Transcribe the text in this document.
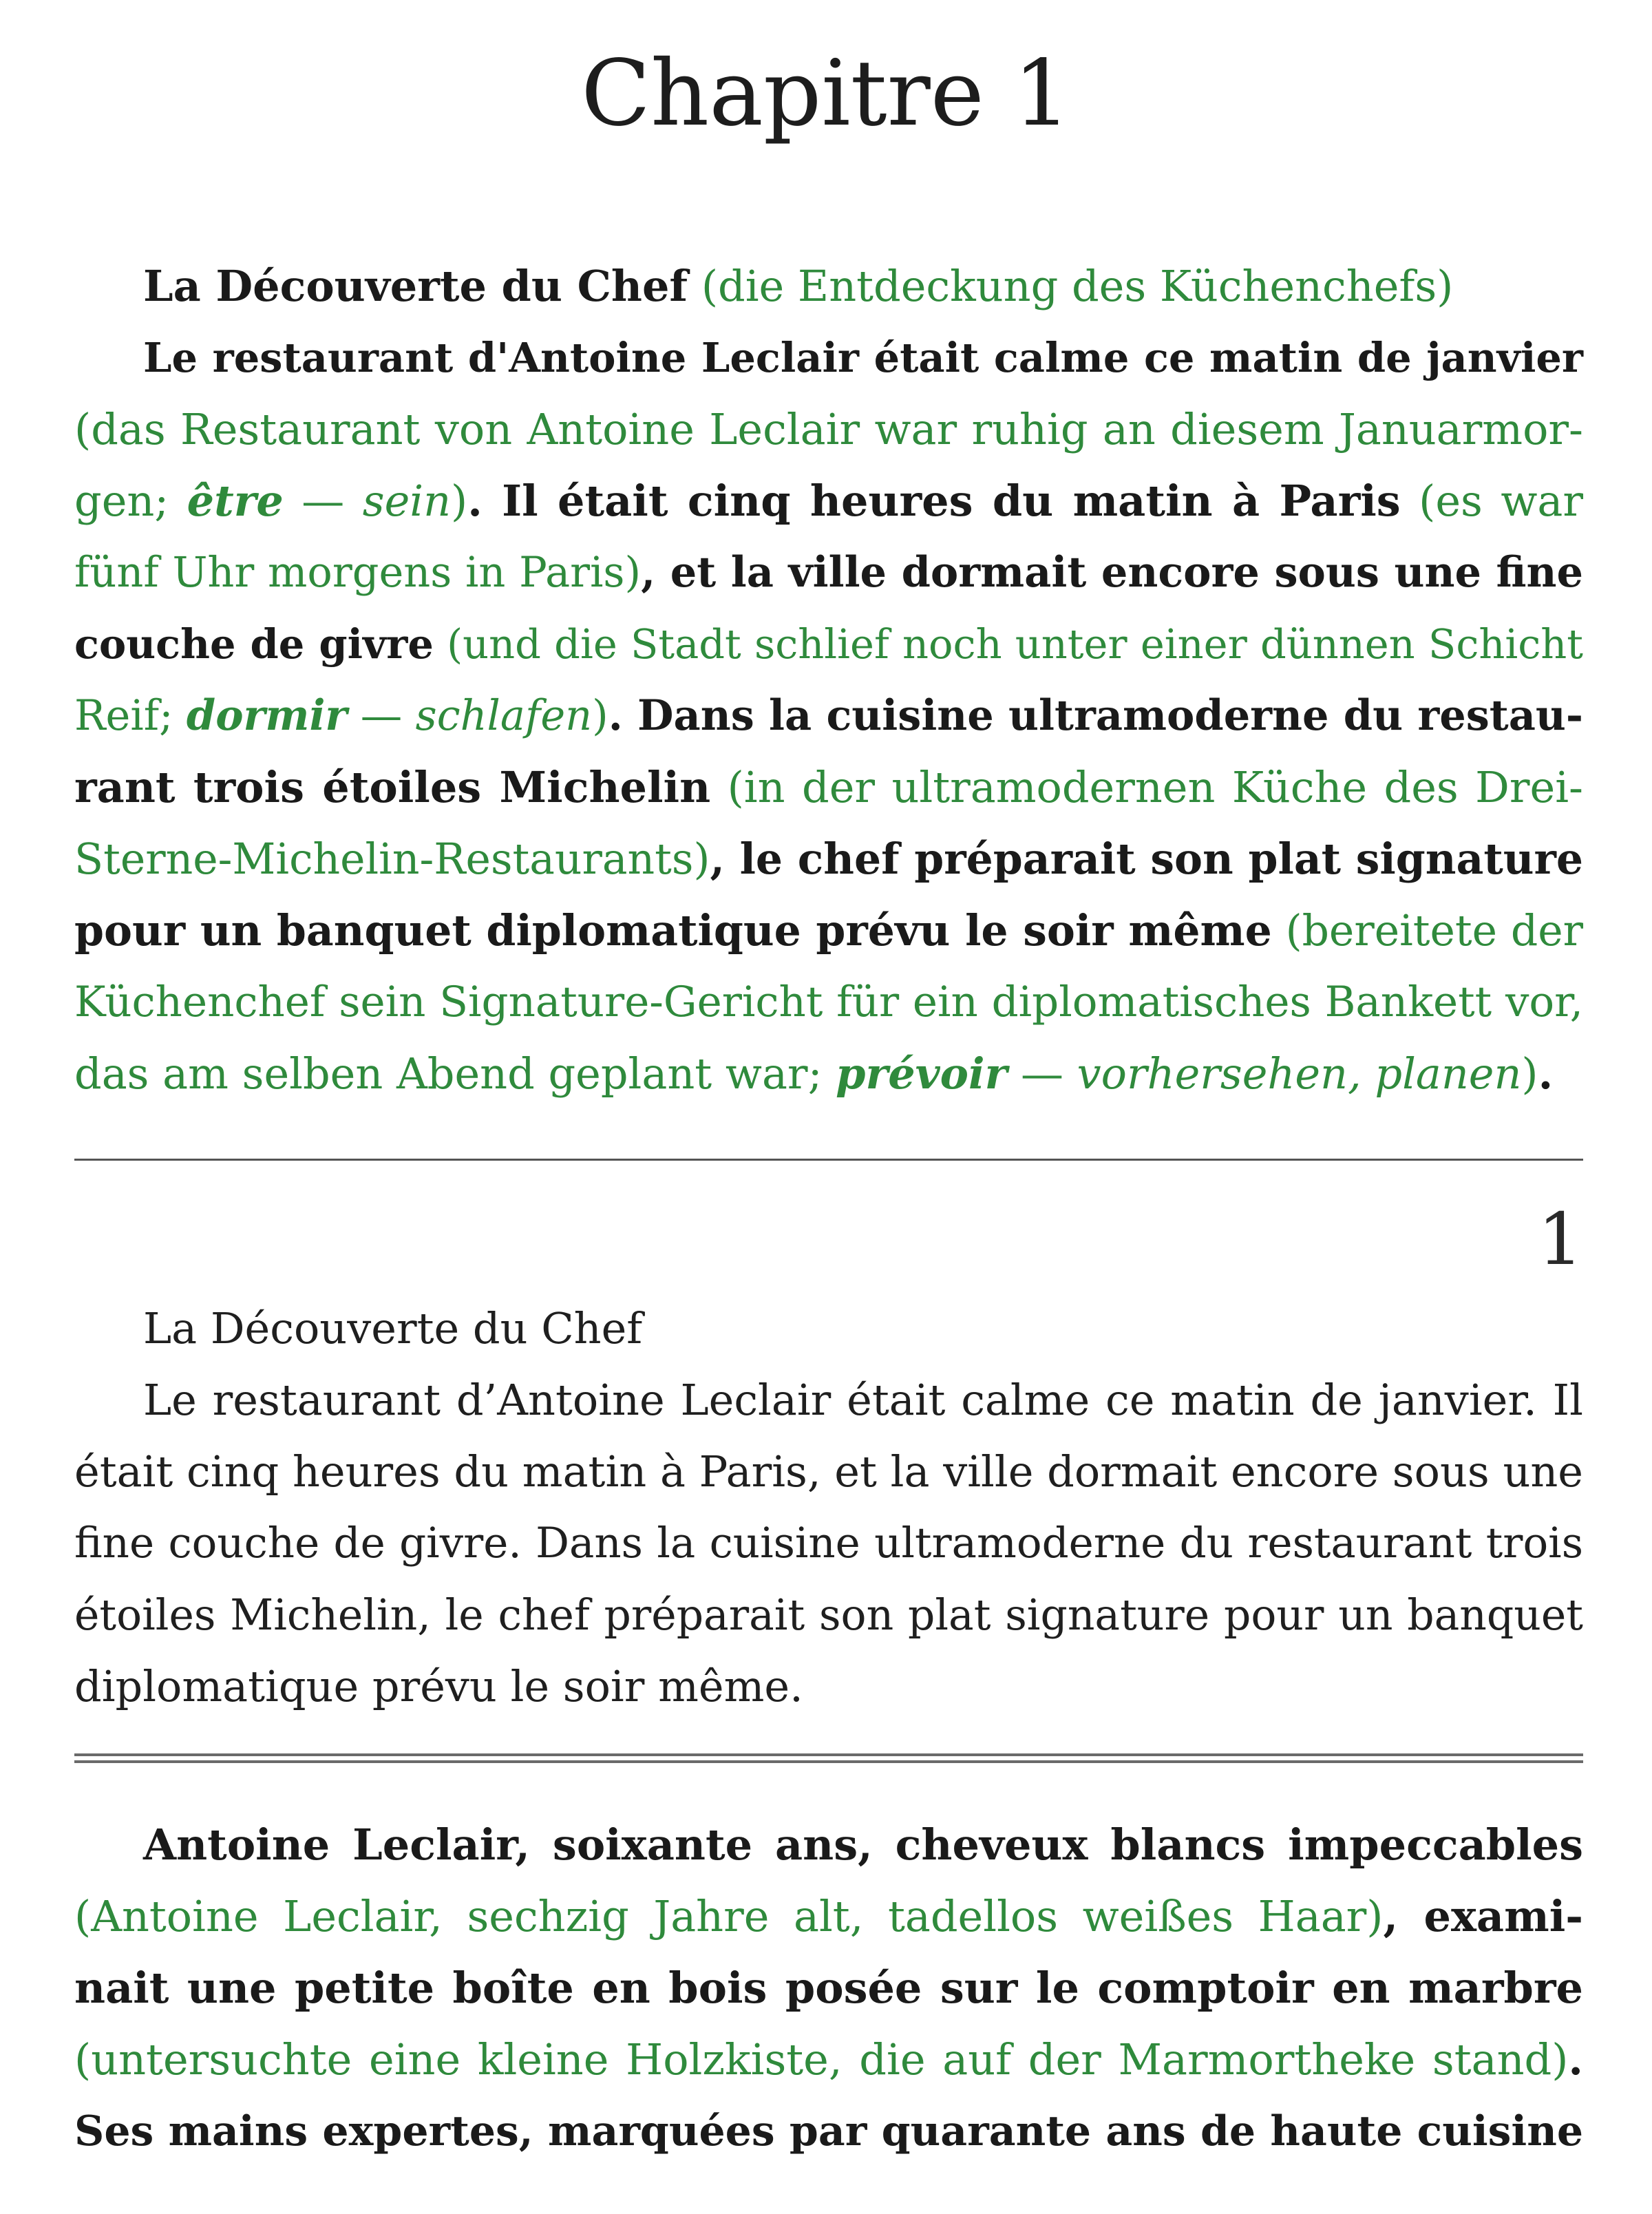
Chapitre 1
La Découverte du Chef (die Entdeckung des Küchenchefs)
Le restaurant d'Antoine Leclair était calme ce matin de janvier
(das Restaurant von Antoine Leclair war ruhig an diesem Januarmor-
gen; être — sein). Il était cinq heures du matin à Paris (es war
fünf Uhr morgens in Paris), et la ville dormait encore sous une fine
couche de givre (und die Stadt schlief noch unter einer dünnen Schicht
Reif; dormir — schlafen). Dans la cuisine ultramoderne du restau-
rant trois étoiles Michelin (in der ultramodernen Küche des Drei-
Sterne-Michelin-Restaurants), le chef préparait son plat signature
pour un banquet diplomatique prévu le soir même (bereitete der
Küchenchef sein Signature-Gericht für ein diplomatisches Bankett vor,
das am selben Abend geplant war; prévoir — vorhersehen, planen).
1
La Découverte du Chef
Le restaurant d’Antoine Leclair était calme ce matin de janvier. Il
était cinq heures du matin à Paris, et la ville dormait encore sous une
fine couche de givre. Dans la cuisine ultramoderne du restaurant trois
étoiles Michelin, le chef préparait son plat signature pour un banquet
diplomatique prévu le soir même.
Antoine Leclair, soixante ans, cheveux blancs impeccables
(Antoine Leclair, sechzig Jahre alt, tadellos weißes Haar), exami-
nait une petite boîte en bois posée sur le comptoir en marbre
(untersuchte eine kleine Holzkiste, die auf der Marmortheke stand).
Ses mains expertes, marquées par quarante ans de haute cuisine
